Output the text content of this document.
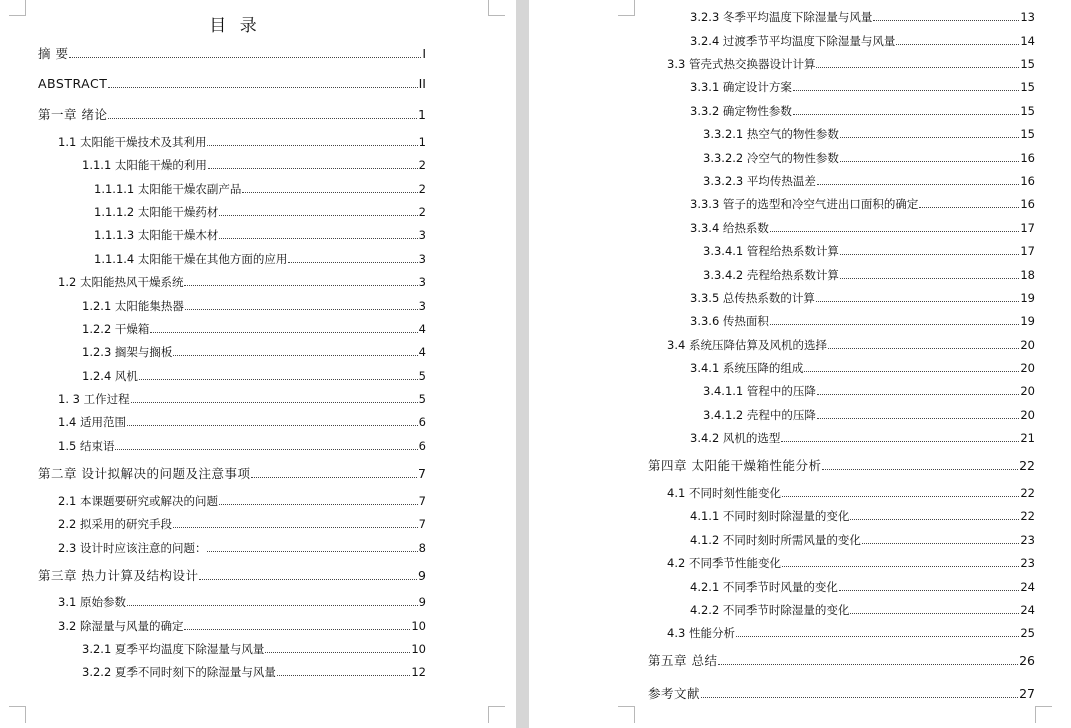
目 录
摘 要	I
ABSTRACT	II
第一章 绪论	1
1.1 太阳能干燥技术及其利用	1
1.1.1 太阳能干燥的利用	2
1.1.1.1 太阳能干燥农副产品	2
1.1.1.2 太阳能干燥药材	2
1.1.1.3 太阳能干燥木材	3
1.1.1.4 太阳能干燥在其他方面的应用	3
1.2 太阳能热风干燥系统	3
1.2.1 太阳能集热器	3
1.2.2 干燥箱	4
1.2.3 搁架与搁板	4
1.2.4 风机	5
1. 3 工作过程	5
1.4 适用范围	6
1.5 结束语	6
第二章 设计拟解决的问题及注意事项	7
2.1 本课题要研究或解决的问题	7
2.2 拟采用的研究手段	7
2.3 设计时应该注意的问题：	8
第三章 热力计算及结构设计	9
3.1 原始参数	9
3.2 除湿量与风量的确定	10
3.2.1 夏季平均温度下除湿量与风量	10
3.2.2 夏季不同时刻下的除湿量与风量	12
3.2.3 冬季平均温度下除湿量与风量	13
3.2.4 过渡季节平均温度下除湿量与风量	14
3.3 管壳式热交换器设计计算	15
3.3.1 确定设计方案	15
3.3.2 确定物性参数	15
3.3.2.1 热空气的物性参数	15
3.3.2.2 冷空气的物性参数	16
3.3.2.3 平均传热温差	16
3.3.3 管子的选型和冷空气进出口面积的确定	16
3.3.4 给热系数	17
3.3.4.1 管程给热系数计算	17
3.3.4.2 壳程给热系数计算	18
3.3.5 总传热系数的计算	19
3.3.6 传热面积	19
3.4 系统压降估算及风机的选择	20
3.4.1 系统压降的组成	20
3.4.1.1 管程中的压降	20
3.4.1.2 壳程中的压降	20
3.4.2 风机的选型	21
第四章 太阳能干燥箱性能分析	22
4.1 不同时刻性能变化	22
4.1.1 不同时刻时除湿量的变化	22
4.1.2 不同时刻时所需风量的变化	23
4.2 不同季节性能变化	23
4.2.1 不同季节时风量的变化	24
4.2.2 不同季节时除湿量的变化	24
4.3 性能分析	25
第五章 总结	26
参考文献	27
